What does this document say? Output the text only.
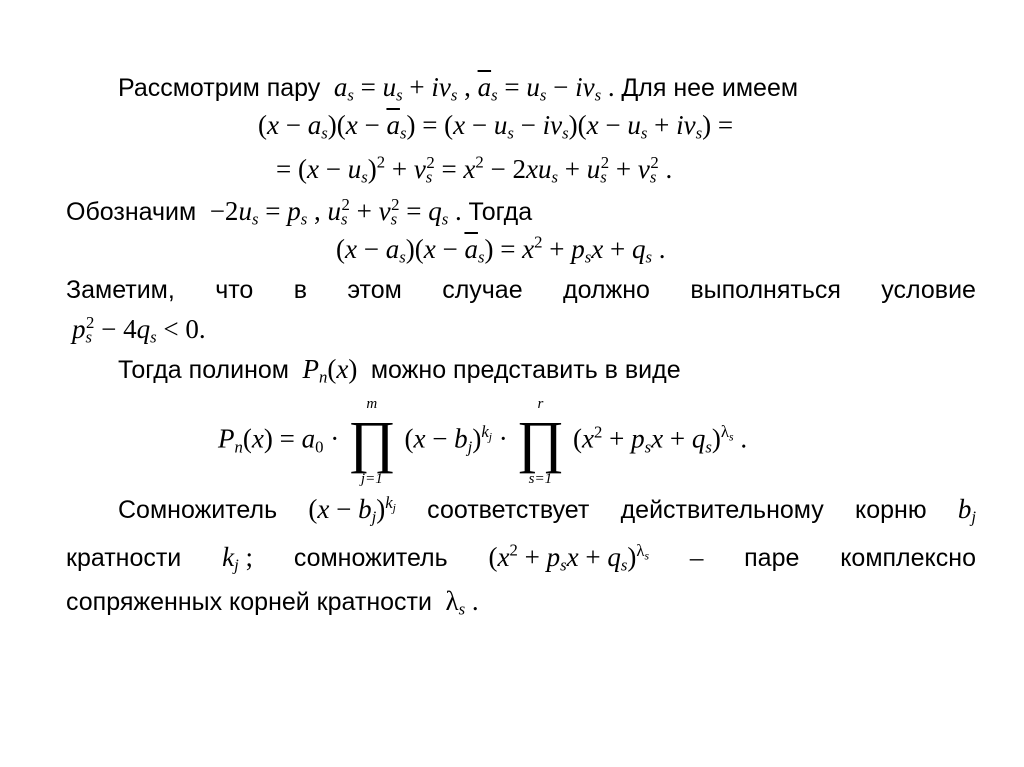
Рассмотрим пару $a_s = u_s + iv_s$ , $\overline{a}_s = u_s - iv_s$ . Для нее имеем
$(x - a_s)(x - \overline{a}_s) = (x - u_s - iv_s)(x - u_s + iv_s)$ =
= $(x - u_s)^2 + v_s^2 = x^2 - 2xu_s + u_s^2 + v_s^2$ .
Обозначим  $-2u_s = p_s$ , $u_s^2 + v_s^2 = q_s$ . Тогда
$(x - a_s)(x - \overline{a}_s) = x^2 + p_sx + q_s$ .
Заметим, что в этом случае должно выполняться условие
$p_s^2 - 4q_s < 0$.
Тогда полином $P_n(x)$  можно представить в виде
$P_n(x) = a_0$ ·
m
∏
j=1
$(x - b_j)^{k_j}$ ·
r
∏
s=1
$(x^2 + p_sx + q_s)^{\lambda_s}$ .
Сомножитель $(x - b_j)^{k_j}$ соответствует действительному корню $b_j$
кратности $k_j$ ; сомножитель $(x^2 + p_sx + q_s)^{\lambda_s}$ – паре комплексно
сопряженных корней кратности  $\lambda_s$ .
